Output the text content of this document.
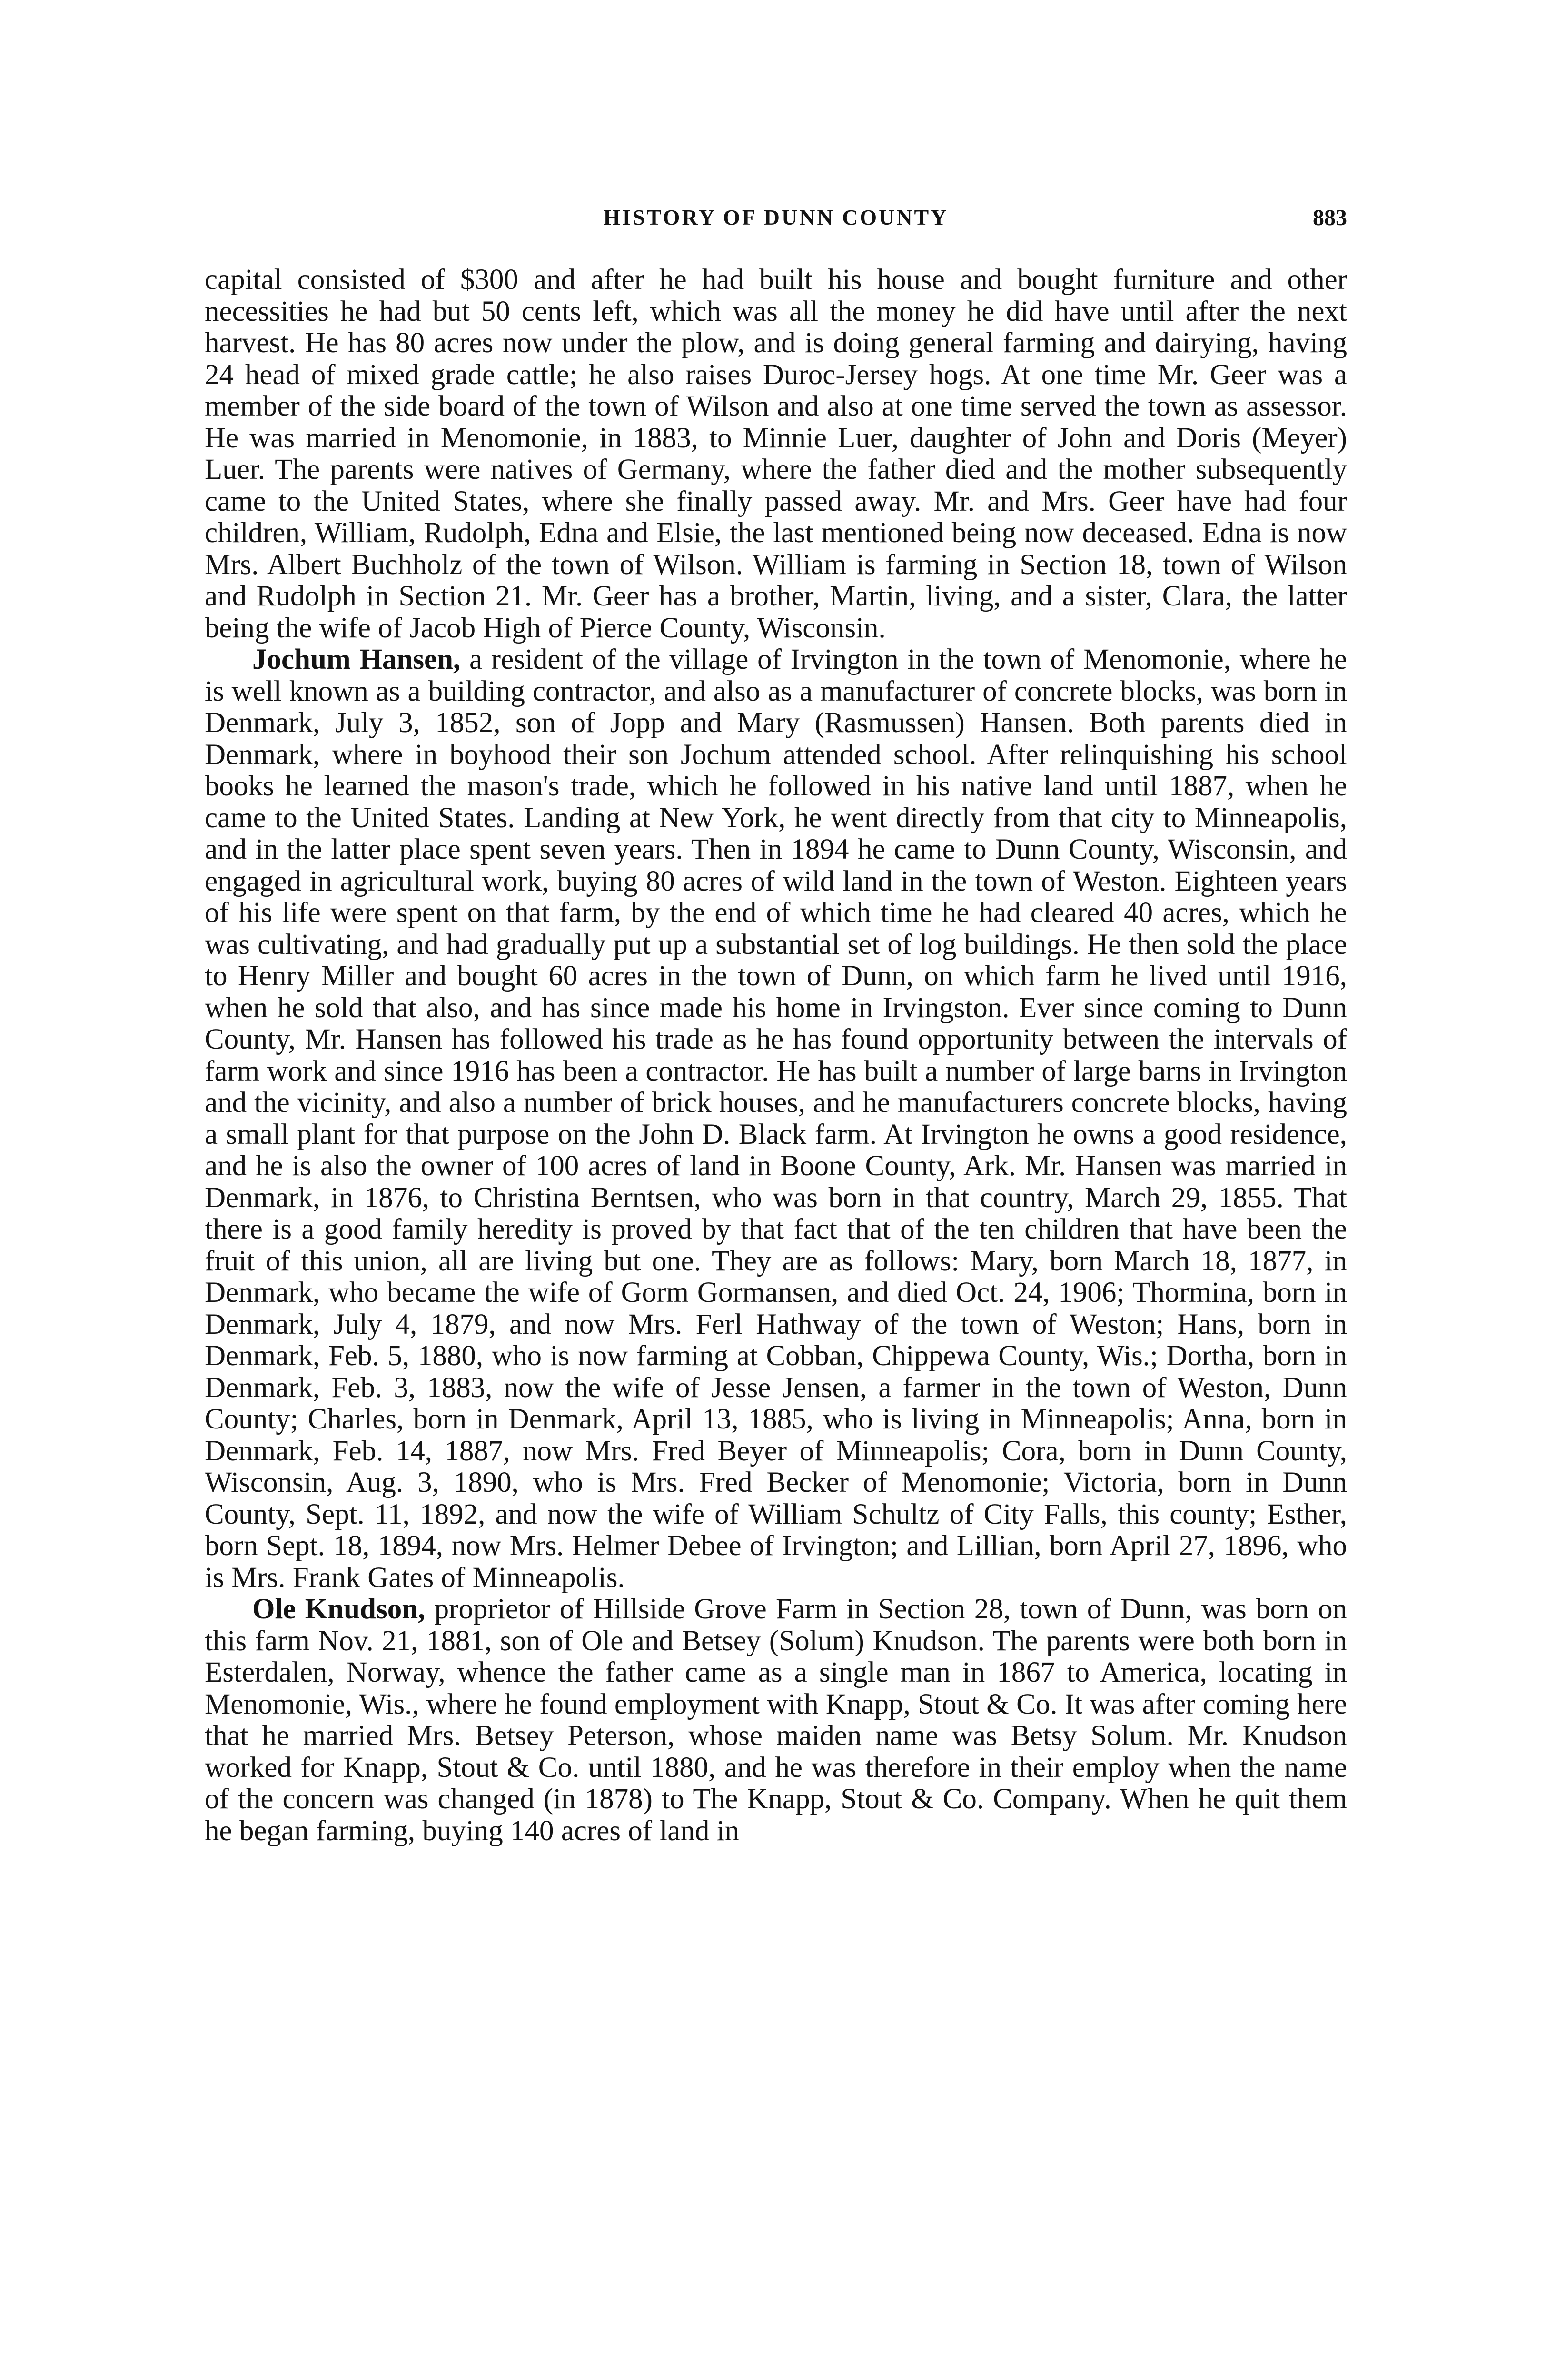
HISTORY OF DUNN COUNTY	883

capital consisted of $300 and after he had built his house and bought furniture and other necessities he had but 50 cents left, which was all the money he did have until after the next harvest. He has 80 acres now under the plow, and is doing general farming and dairying, having 24 head of mixed grade cattle; he also raises Duroc-Jersey hogs. At one time Mr. Geer was a member of the side board of the town of Wilson and also at one time served the town as assessor. He was married in Menomonie, in 1883, to Minnie Luer, daughter of John and Doris (Meyer) Luer. The parents were natives of Germany, where the father died and the mother subsequently came to the United States, where she finally passed away. Mr. and Mrs. Geer have had four children, William, Rudolph, Edna and Elsie, the last mentioned being now deceased. Edna is now Mrs. Albert Buchholz of the town of Wilson. William is farming in Section 18, town of Wilson and Rudolph in Section 21. Mr. Geer has a brother, Martin, living, and a sister, Clara, the latter being the wife of Jacob High of Pierce County, Wisconsin.

Jochum Hansen, a resident of the village of Irvington in the town of Menomonie, where he is well known as a building contractor, and also as a manufacturer of concrete blocks, was born in Denmark, July 3, 1852, son of Jopp and Mary (Rasmussen) Hansen. Both parents died in Denmark, where in boyhood their son Jochum attended school. After relinquishing his school books he learned the mason's trade, which he followed in his native land until 1887, when he came to the United States. Landing at New York, he went directly from that city to Minneapolis, and in the latter place spent seven years. Then in 1894 he came to Dunn County, Wisconsin, and engaged in agricultural work, buying 80 acres of wild land in the town of Weston. Eighteen years of his life were spent on that farm, by the end of which time he had cleared 40 acres, which he was cultivating, and had gradually put up a substantial set of log buildings. He then sold the place to Henry Miller and bought 60 acres in the town of Dunn, on which farm he lived until 1916, when he sold that also, and has since made his home in Irvingston. Ever since coming to Dunn County, Mr. Hansen has followed his trade as he has found opportunity between the intervals of farm work and since 1916 has been a contractor. He has built a number of large barns in Irvington and the vicinity, and also a number of brick houses, and he manufacturers concrete blocks, having a small plant for that purpose on the John D. Black farm. At Irvington he owns a good residence, and he is also the owner of 100 acres of land in Boone County, Ark. Mr. Hansen was married in Denmark, in 1876, to Christina Berntsen, who was born in that country, March 29, 1855. That there is a good family heredity is proved by that fact that of the ten children that have been the fruit of this union, all are living but one. They are as follows: Mary, born March 18, 1877, in Denmark, who became the wife of Gorm Gormansen, and died Oct. 24, 1906; Thormina, born in Denmark, July 4, 1879, and now Mrs. Ferl Hathway of the town of Weston; Hans, born in Denmark, Feb. 5, 1880, who is now farming at Cobban, Chippewa County, Wis.; Dortha, born in Denmark, Feb. 3, 1883, now the wife of Jesse Jensen, a farmer in the town of Weston, Dunn County; Charles, born in Denmark, April 13, 1885, who is living in Minneapolis; Anna, born in Denmark, Feb. 14, 1887, now Mrs. Fred Beyer of Minneapolis; Cora, born in Dunn County, Wisconsin, Aug. 3, 1890, who is Mrs. Fred Becker of Menomonie; Victoria, born in Dunn County, Sept. 11, 1892, and now the wife of William Schultz of City Falls, this county; Esther, born Sept. 18, 1894, now Mrs. Helmer Debee of Irvington; and Lillian, born April 27, 1896, who is Mrs. Frank Gates of Minneapolis.

Ole Knudson, proprietor of Hillside Grove Farm in Section 28, town of Dunn, was born on this farm Nov. 21, 1881, son of Ole and Betsey (Solum) Knudson. The parents were both born in Esterdalen, Norway, whence the father came as a single man in 1867 to America, locating in Menomonie, Wis., where he found employment with Knapp, Stout & Co. It was after coming here that he married Mrs. Betsey Peterson, whose maiden name was Betsy Solum. Mr. Knudson worked for Knapp, Stout & Co. until 1880, and he was therefore in their employ when the name of the concern was changed (in 1878) to The Knapp, Stout & Co. Company. When he quit them he began farming, buying 140 acres of land in
